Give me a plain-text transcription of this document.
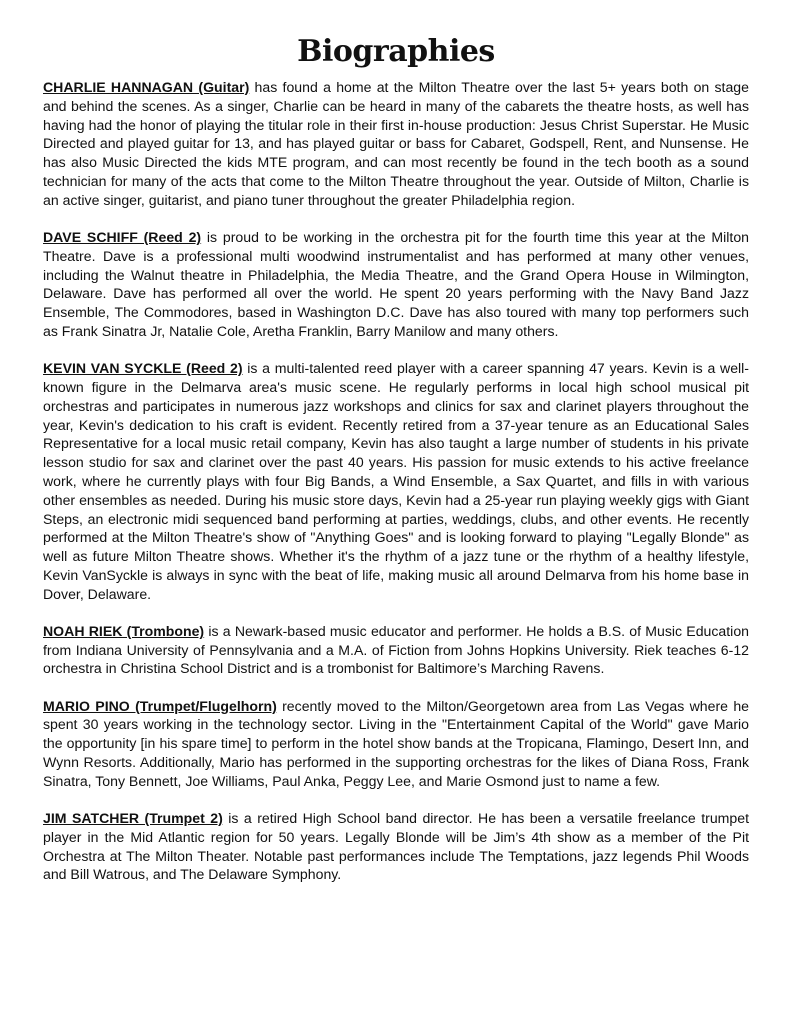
Biographies

CHARLIE HANNAGAN (Guitar) has found a home at the Milton Theatre over the last 5+ years both on stage and behind the scenes. As a singer, Charlie can be heard in many of the cabarets the theatre hosts, as well has having had the honor of playing the titular role in their first in-house production: Jesus Christ Superstar. He Music Directed and played guitar for 13, and has played guitar or bass for Cabaret, Godspell, Rent, and Nunsense. He has also Music Directed the kids MTE program, and can most recently be found in the tech booth as a sound technician for many of the acts that come to the Milton Theatre throughout the year. Outside of Milton, Charlie is an active singer, guitarist, and piano tuner throughout the greater Philadelphia region.

DAVE SCHIFF (Reed 2) is proud to be working in the orchestra pit for the fourth time this year at the Milton Theatre. Dave is a professional multi woodwind instrumentalist and has performed at many other venues, including the Walnut theatre in Philadelphia, the Media Theatre, and the Grand Opera House in Wilmington, Delaware. Dave has performed all over the world. He spent 20 years performing with the Navy Band Jazz Ensemble, The Commodores, based in Washington D.C. Dave has also toured with many top performers such as Frank Sinatra Jr, Natalie Cole, Aretha Franklin, Barry Manilow and many others.

KEVIN VAN SYCKLE (Reed 2) is a multi-talented reed player with a career spanning 47 years. Kevin is a well-known figure in the Delmarva area's music scene. He regularly performs in local high school musical pit orchestras and participates in numerous jazz workshops and clinics for sax and clarinet players throughout the year, Kevin's dedication to his craft is evident. Recently retired from a 37-year tenure as an Educational Sales Representative for a local music retail company, Kevin has also taught a large number of students in his private lesson studio for sax and clarinet over the past 40 years. His passion for music extends to his active freelance work, where he currently plays with four Big Bands, a Wind Ensemble, a Sax Quartet, and fills in with various other ensembles as needed. During his music store days, Kevin had a 25-year run playing weekly gigs with Giant Steps, an electronic midi sequenced band performing at parties, weddings, clubs, and other events. He recently performed at the Milton Theatre's show of "Anything Goes" and is looking forward to playing "Legally Blonde" as well as future Milton Theatre shows. Whether it's the rhythm of a jazz tune or the rhythm of a healthy lifestyle, Kevin VanSyckle is always in sync with the beat of life, making music all around Delmarva from his home base in Dover, Delaware.

NOAH RIEK (Trombone) is a Newark-based music educator and performer. He holds a B.S. of Music Education from Indiana University of Pennsylvania and a M.A. of Fiction from Johns Hopkins University. Riek teaches 6-12 orchestra in Christina School District and is a trombonist for Baltimore’s Marching Ravens.

MARIO PINO (Trumpet/Flugelhorn) recently moved to the Milton/Georgetown area from Las Vegas where he spent 30 years working in the technology sector. Living in the "Entertainment Capital of the World" gave Mario the opportunity [in his spare time] to perform in the hotel show bands at the Tropicana, Flamingo, Desert Inn, and Wynn Resorts. Additionally, Mario has performed in the supporting orchestras for the likes of Diana Ross, Frank Sinatra, Tony Bennett, Joe Williams, Paul Anka, Peggy Lee, and Marie Osmond just to name a few.

JIM SATCHER (Trumpet 2) is a retired High School band director. He has been a versatile freelance trumpet player in the Mid Atlantic region for 50 years. Legally Blonde will be Jim’s 4th show as a member of the Pit Orchestra at The Milton Theater. Notable past performances include The Temptations, jazz legends Phil Woods and Bill Watrous, and The Delaware Symphony.
